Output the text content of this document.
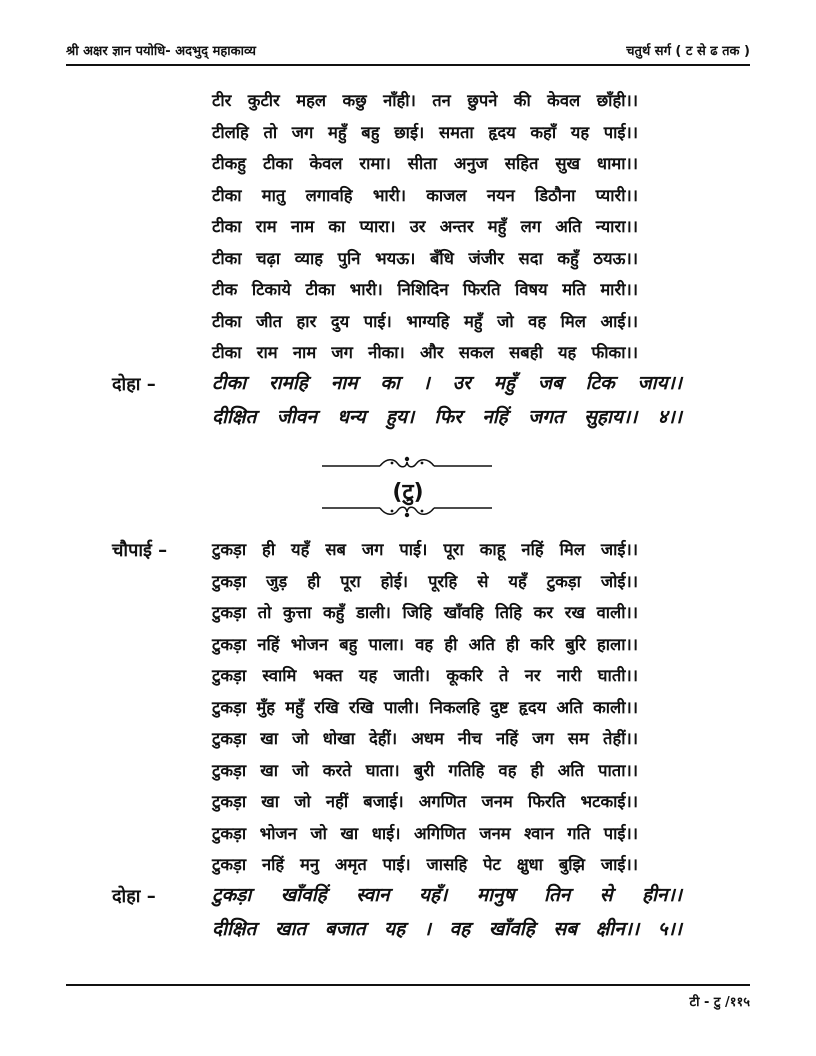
श्री अक्षर ज्ञान पयोधि- अदभुद् महाकाव्य	चतुर्थ सर्ग ( ट से ढ तक )
टीर कुटीर महल कछु नाँही। तन छुपने की केवल छाँही।।
टीलहि तो जग महुँ बहु छाई। समता हृदय कहाँ यह पाई।।
टीकहु टीका केवल रामा। सीता अनुज सहित सुख धामा।।
टीका मातु लगावहि भारी। काजल नयन डिठौना प्यारी।।
टीका राम नाम का प्यारा। उर अन्तर महुँ लग अति न्यारा।।
टीका चढ़ा व्याह पुनि भयऊ। बँधि जंजीर सदा कहुँ ठयऊ।।
टीक टिकाये टीका भारी। निशिदिन फिरति विषय मति मारी।।
टीका जीत हार दुय पाई। भाग्यहि महुँ जो वह मिल आई।।
टीका राम नाम जग नीका। और सकल सबही यह फीका।।
दोहा –	टीका रामहि नाम का । उर महुँ जब टिक जाय।।
दीक्षित जीवन धन्य हुय। फिर नहिं जगत सुहाय।। ४।।
(टु)
चौपाई –	टुकड़ा ही यहँ सब जग पाई। पूरा काहू नहिं मिल जाई।।
टुकड़ा जुड़ ही पूरा होई। पूरहि से यहँ टुकड़ा जोई।।
टुकड़ा तो कुत्ता कहुँ डाली। जिहि खाँवहि तिहि कर रख वाली।।
टुकड़ा नहिं भोजन बहु पाला। वह ही अति ही करि बुरि हाला।।
टुकड़ा स्वामि भक्त यह जाती। कूकरि ते नर नारी घाती।।
टुकड़ा मुँह महुँ रखि रखि पाली। निकलहि दुष्ट हृदय अति काली।।
टुकड़ा खा जो धोखा देहीं। अधम नीच नहिं जग सम तेहीं।।
टुकड़ा खा जो करते घाता। बुरी गतिहि वह ही अति पाता।।
टुकड़ा खा जो नहीं बजाई। अगणित जनम फिरति भटकाई।।
टुकड़ा भोजन जो खा धाई। अगिणित जनम श्वान गति पाई।।
टुकड़ा नहिं मनु अमृत पाई। जासहि पेट क्षुधा बुझि जाई।।
दोहा –	टुकड़ा खाँवहिं स्वान यहँ। मानुष तिन से हीन।।
दीक्षित खात बजात यह । वह खाँवहि सब क्षीन।। ५।।
टी - टु /११५
